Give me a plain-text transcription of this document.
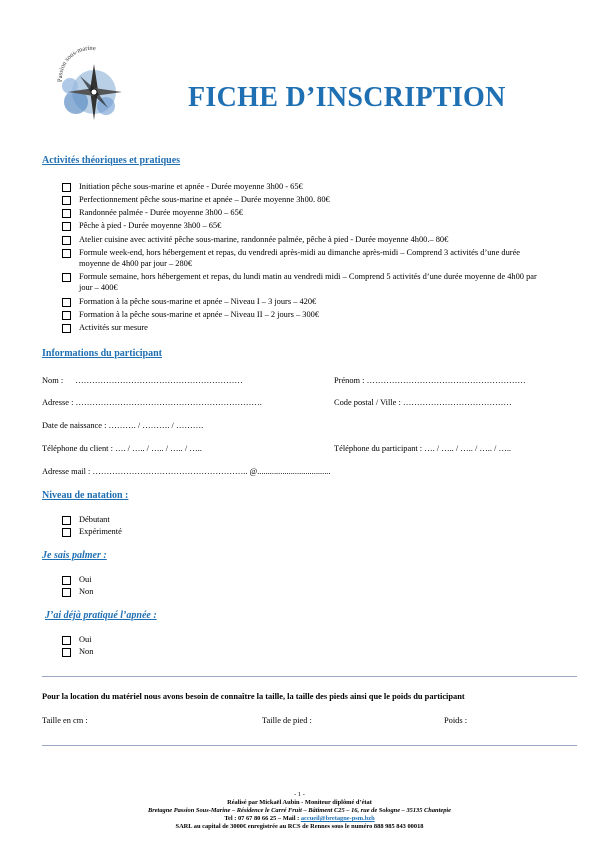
Passion sous-marine
FICHE D’INSCRIPTION
Activités théoriques et pratiques
Initiation pêche sous-marine et apnée - Durée moyenne 3h00 - 65€
Perfectionnement pêche sous-marine et apnée – Durée moyenne 3h00. 80€
Randonnée palmée - Durée moyenne 3h00 – 65€
Pêche à pied - Durée moyenne 3h00 – 65€
Atelier cuisine avec activité pêche sous-marine, randonnée palmée, pêche à pied - Durée moyenne 4h00.– 80€
Formule week-end, hors hébergement et repas, du vendredi après-midi au dimanche après-midi – Comprend 3 activités d’une durée moyenne de 4h00 par jour – 280€
Formule semaine, hors hébergement et repas, du lundi matin au vendredi midi – Comprend 5 activités d’une durée moyenne de 4h00 par jour – 400€
Formation à la pêche sous-marine et apnée – Niveau I – 3 jours – 420€
Formation à la pêche sous-marine et apnée – Niveau II – 2 jours – 300€
Activités sur mesure
Informations du participant
Nom : ……………………………………………………	Prénom : …………………………………………………
Adresse : ………………………………………………………….	Code postal / Ville : …………………………………
Date de naissance : ………. / ………. / ……….
Téléphone du client : …. / ….. / ….. / ….. / …..	Téléphone du participant : …. / ….. / ….. / ….. / …..
Adresse mail : ……………………………………………….. @...................................
Niveau de natation :
Débutant
Expérimenté
Je sais palmer :
Oui
Non
J’ai déjà pratiqué l’apnée :
Oui
Non
Pour la location du matériel nous avons besoin de connaître la taille, la taille des pieds ainsi que le poids du participant
Taille en cm :	Taille de pied :	Poids :
- 1 -
Réalisé par Mickaël Aubin - Moniteur diplômé d’état
Bretagne Passion Sous-Marine – Résidence le Carré Fruit – Bâtiment C25 – 16, rue de Sologne – 35135 Chantepie
Tel : 07 67 80 66 25 – Mail : accueil@bretagne-psm.bzh
SARL au capital de 3000€ enregistrée au RCS de Rennes sous le numéro 888 985 843 00018
